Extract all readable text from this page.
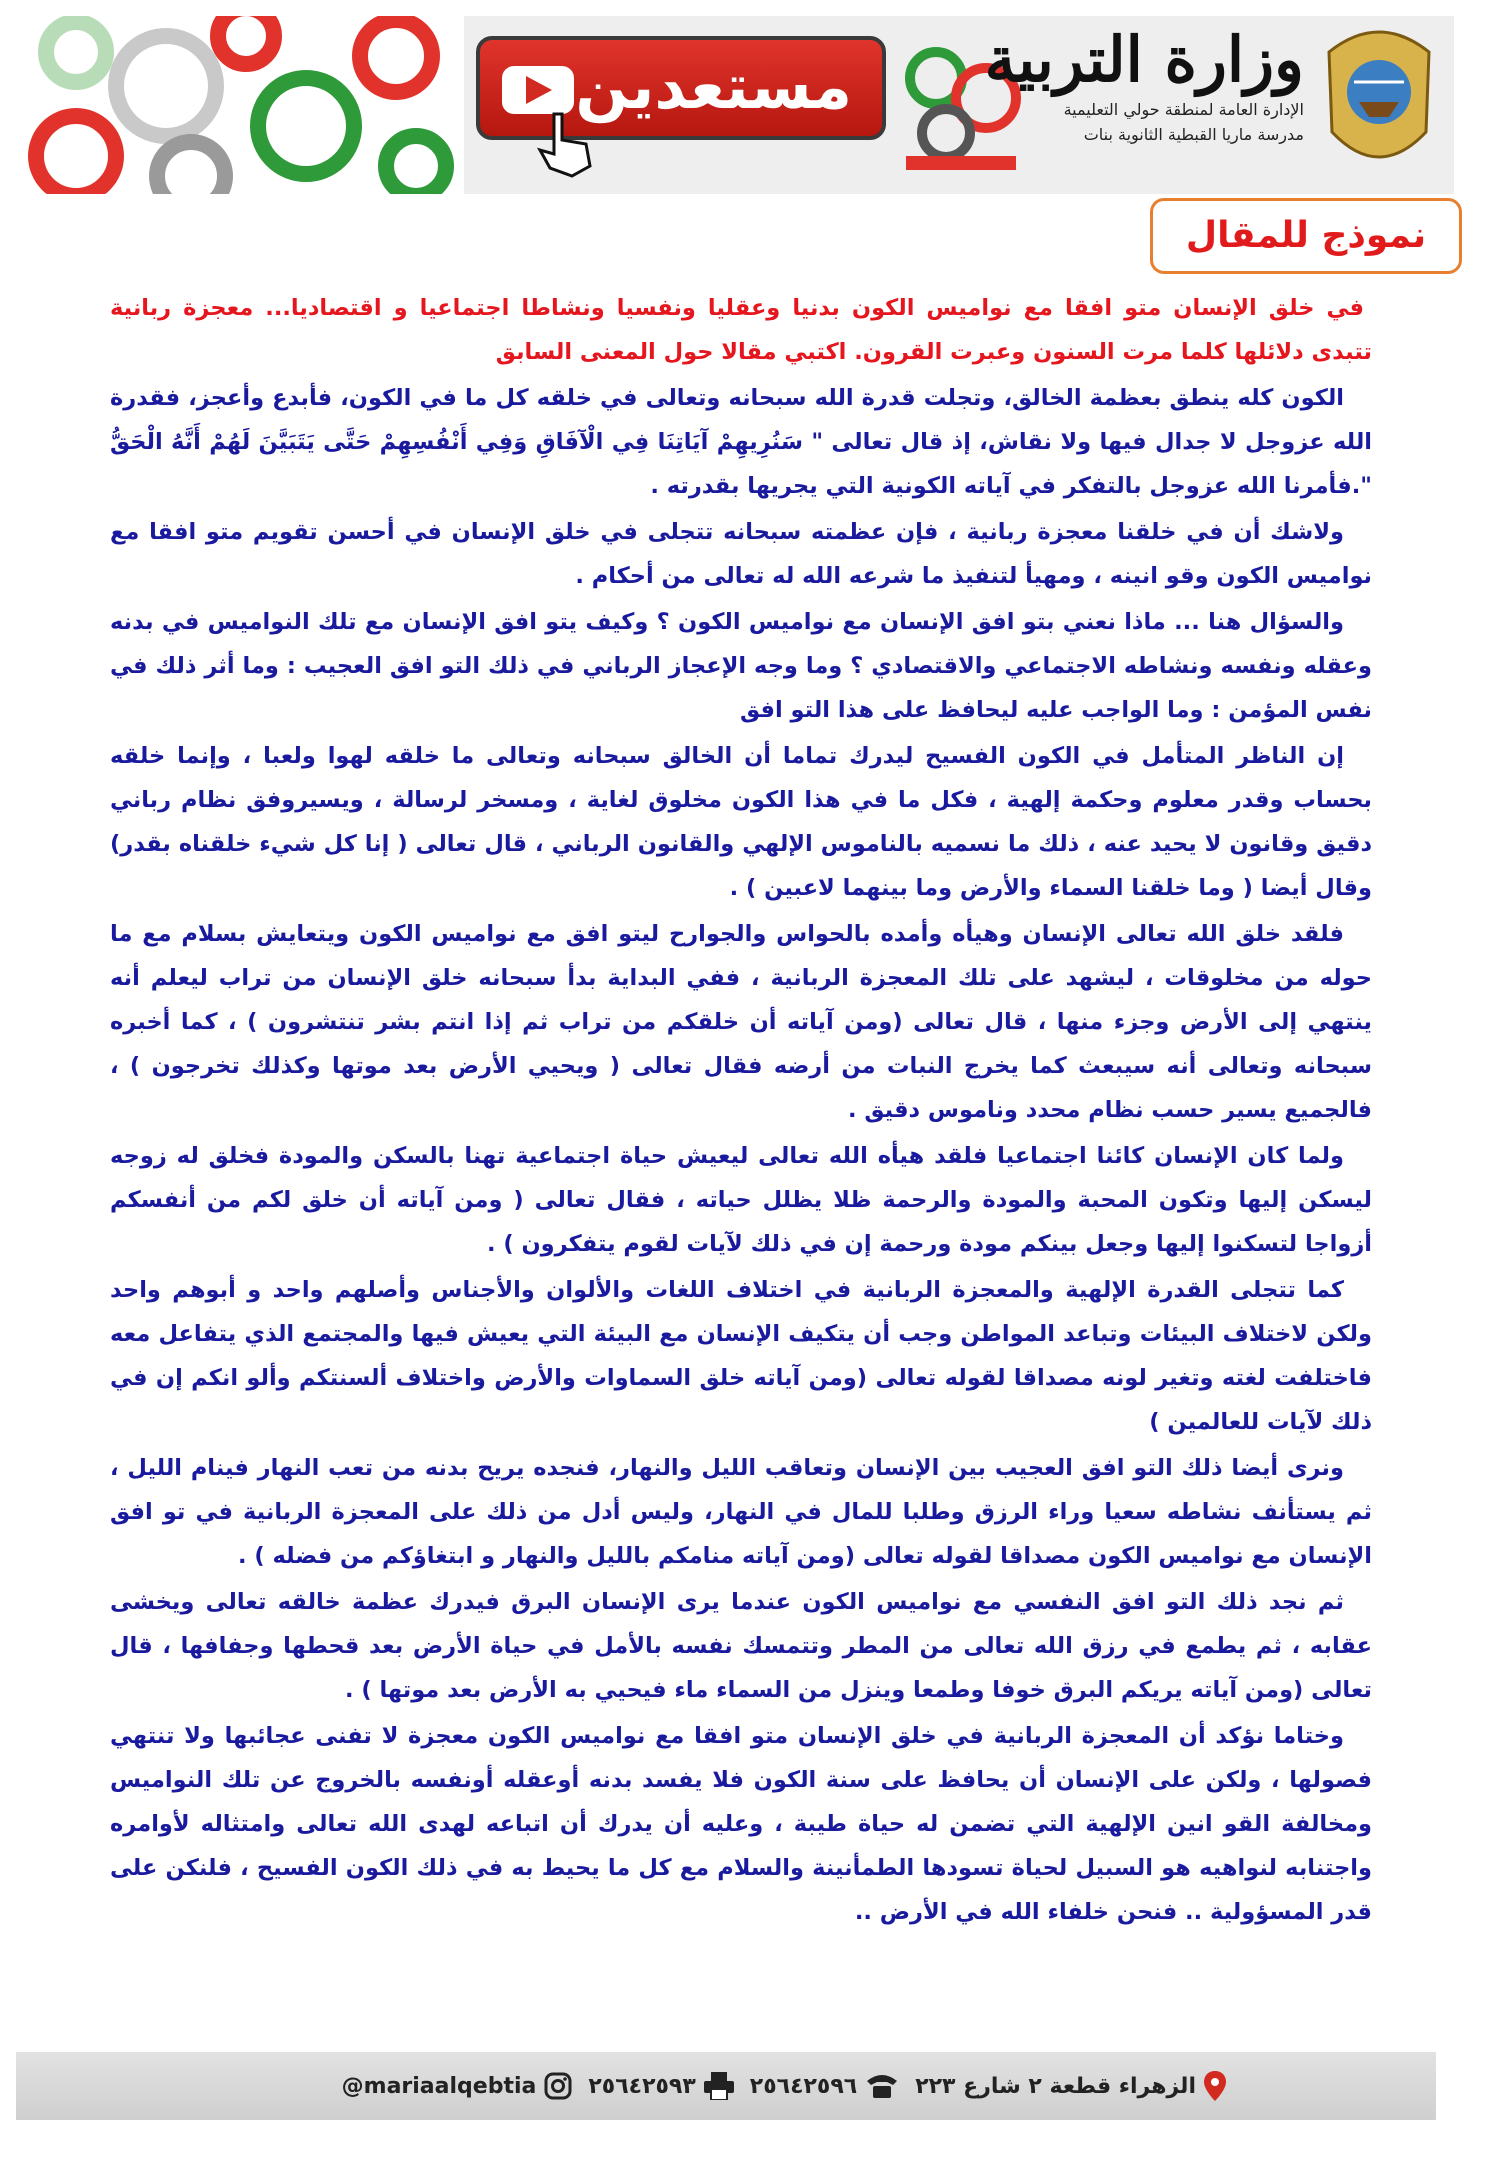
مستعدين وزارة التربية
الإدارة العامة لمنطقة حولي التعليمية
مدرسة ماريا القبطية الثانوية بنات
نموذج للمقال

في خلق الإنسان متو افقا مع نواميس الكون بدنيا وعقليا ونفسيا ونشاطا اجتماعيا و اقتصاديا... معجزة ربانية تتبدى دلائلها كلما مرت السنون وعبرت القرون. اكتبي مقالا حول المعنى السابق

الكون كله ينطق بعظمة الخالق، وتجلت قدرة الله سبحانه وتعالى في خلقه كل ما في الكون، فأبدع وأعجز، فقدرة الله عزوجل لا جدال فيها ولا نقاش، إذ قال تعالى " سَنُرِيهِمْ آيَاتِنَا فِي الْآفَاقِ وَفِي أَنْفُسِهِمْ حَتَّى يَتَبَيَّنَ لَهُمْ أَنَّهُ الْحَقُّ ".فأمرنا الله عزوجل بالتفكر في آياته الكونية التي يجريها بقدرته .

ولاشك أن في خلقنا معجزة ربانية ، فإن عظمته سبحانه تتجلى في خلق الإنسان في أحسن تقويم متو افقا مع نواميس الكون وقو انينه ، ومهيأ لتنفيذ ما شرعه الله له تعالى من أحكام .

والسؤال هنا ... ماذا نعني بتو افق الإنسان مع نواميس الكون ؟ وكيف يتو افق الإنسان مع تلك النواميس في بدنه وعقله ونفسه ونشاطه الاجتماعي والاقتصادي ؟ وما وجه الإعجاز الرباني في ذلك التو افق العجيب : وما أثر ذلك في نفس المؤمن : وما الواجب عليه ليحافظ على هذا التو افق

إن الناظر المتأمل في الكون الفسيح ليدرك تماما أن الخالق سبحانه وتعالى ما خلقه لهوا ولعبا ، وإنما خلقه بحساب وقدر معلوم وحكمة إلهية ، فكل ما في هذا الكون مخلوق لغاية ، ومسخر لرسالة ، ويسيروفق نظام رباني دقيق وقانون لا يحيد عنه ، ذلك ما نسميه بالناموس الإلهي والقانون الرباني ، قال تعالى ( إنا كل شيء خلقناه بقدر) وقال أيضا ( وما خلقنا السماء والأرض وما بينهما لاعبين ) .

فلقد خلق الله تعالى الإنسان وهيأه وأمده بالحواس والجوارح ليتو افق مع نواميس الكون ويتعايش بسلام مع ما حوله من مخلوقات ، ليشهد على تلك المعجزة الربانية ، ففي البداية بدأ سبحانه خلق الإنسان من تراب ليعلم أنه ينتهي إلى الأرض وجزء منها ، قال تعالى (ومن آياته أن خلقكم من تراب ثم إذا انتم بشر تنتشرون ) ، كما أخبره سبحانه وتعالى أنه سيبعث كما يخرج النبات من أرضه فقال تعالى ( ويحيي الأرض بعد موتها وكذلك تخرجون ) ، فالجميع يسير حسب نظام محدد وناموس دقيق .

ولما كان الإنسان كائنا اجتماعيا فلقد هيأه الله تعالى ليعيش حياة اجتماعية تهنا بالسكن والمودة فخلق له زوجه ليسكن إليها وتكون المحبة والمودة والرحمة ظلا يظلل حياته ، فقال تعالى ( ومن آياته أن خلق لكم من أنفسكم أزواجا لتسكنوا إليها وجعل بينكم مودة ورحمة إن في ذلك لآيات لقوم يتفكرون ) .

كما تتجلى القدرة الإلهية والمعجزة الربانية في اختلاف اللغات والألوان والأجناس وأصلهم واحد و أبوهم واحد ولكن لاختلاف البيئات وتباعد المواطن وجب أن يتكيف الإنسان مع البيئة التي يعيش فيها والمجتمع الذي يتفاعل معه فاختلفت لغته وتغير لونه مصداقا لقوله تعالى (ومن آياته خلق السماوات والأرض واختلاف ألسنتكم وألو انكم إن في ذلك لآيات للعالمين )

ونرى أيضا ذلك التو افق العجيب بين الإنسان وتعاقب الليل والنهار، فنجده يريح بدنه من تعب النهار فينام الليل ، ثم يستأنف نشاطه سعيا وراء الرزق وطلبا للمال في النهار، وليس أدل من ذلك على المعجزة الربانية في تو افق الإنسان مع نواميس الكون مصداقا لقوله تعالى (ومن آياته منامكم بالليل والنهار و ابتغاؤكم من فضله ) .

ثم نجد ذلك التو افق النفسي مع نواميس الكون عندما يرى الإنسان البرق فيدرك عظمة خالقه تعالى ويخشى عقابه ، ثم يطمع في رزق الله تعالى من المطر وتتمسك نفسه بالأمل في حياة الأرض بعد قحطها وجفافها ، قال تعالى (ومن آياته يريكم البرق خوفا وطمعا وينزل من السماء ماء فيحيي به الأرض بعد موتها ) .

وختاما نؤكد أن المعجزة الربانية في خلق الإنسان متو افقا مع نواميس الكون معجزة لا تفنى عجائبها ولا تنتهي فصولها ، ولكن على الإنسان أن يحافظ على سنة الكون فلا يفسد بدنه أوعقله أونفسه بالخروج عن تلك النواميس ومخالفة القو انين الإلهية التي تضمن له حياة طيبة ، وعليه أن يدرك أن اتباعه لهدى الله تعالى وامتثاله لأوامره واجتنابه لنواهيه هو السبيل لحياة تسودها الطمأنينة والسلام مع كل ما يحيط به في ذلك الكون الفسيح ، فلنكن على قدر المسؤولية .. فنحن خلفاء الله في الأرض ..

الزهراء قطعة ٢ شارع ٢٢٣
٢٥٦٤٢٥٩٦
٢٥٦٤٢٥٩٣
@mariaalqebtia
